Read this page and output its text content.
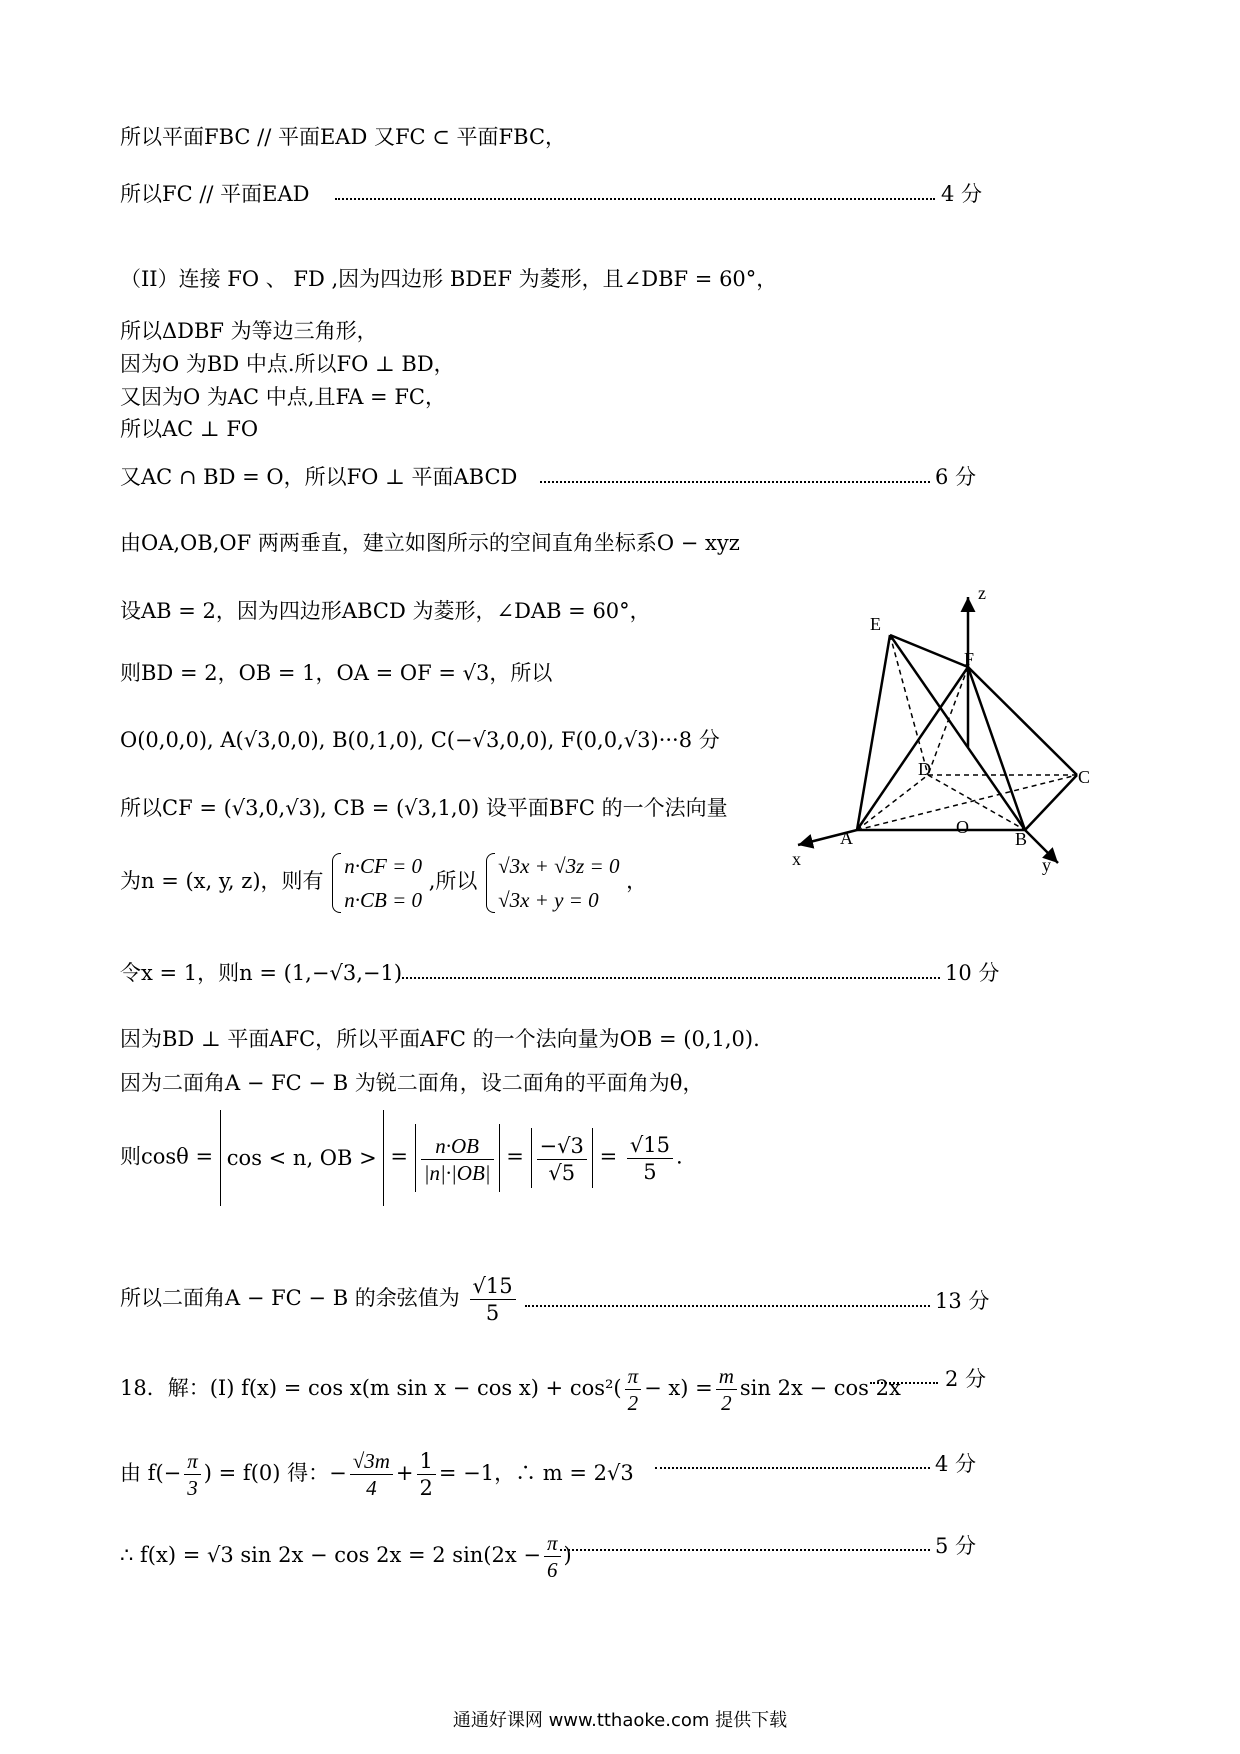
所以平面FBC // 平面EAD 又FC ⊂ 平面FBC，
所以FC // 平面EAD	4 分
（II）连接 FO 、 FD ,因为四边形 BDEF 为菱形，且∠DBF = 60°，
所以ΔDBF 为等边三角形，
因为O 为BD 中点.所以FO ⊥ BD，
又因为O 为AC 中点,且FA = FC，
所以AC ⊥ FO
又AC ∩ BD = O，所以FO ⊥ 平面ABCD	6 分
由OA,OB,OF 两两垂直，建立如图所示的空间直角坐标系O − xyz
设AB = 2，因为四边形ABCD 为菱形，∠DAB = 60°，
则BD = 2，OB = 1，OA = OF = √3，所以
O(0,0,0), A(√3,0,0), B(0,1,0), C(−√3,0,0), F(0,0,√3)···8 分
所以CF = (√3,0,√3), CB = (√3,1,0) 设平面BFC 的一个法向量
为n = (x, y, z)，则有
n·CF = 0
n·CB = 0
,所以
√3x + √3z = 0
√3x + y = 0
，
令x = 1，则n = (1,−√3,−1)	10 分
因为BD ⊥ 平面AFC，所以平面AFC 的一个法向量为OB = (0,1,0).
因为二面角A − FC − B 为锐二面角，设二面角的平面角为θ，
则cosθ = cos < n, OB > = $\frac{n\cdot OB}{|n|\cdot|OB|} = \frac{-√3}{√5} = \frac{√15}{5}$ .
所以二面角A − FC − B 的余弦值为 $\frac{√15}{5}$	13 分
18．解：(I) f(x) = cos x(m $\sin x - \cos x) + \cos^2( \frac{\pi}{2} - x) = \frac{m}{2}$ sin 2x − cos 2x 2 分
由 $f(- \frac{\pi}{3}$ ) = f(0) 得：− $\frac{√3m}{4} + \frac{1}{2} = -1$，∴ m = 2√3	4 分
∴ f(x) = √3 sin 2x − cos 2x = 2 $\sin(2x - \frac{\pi}{6}$ )	5 分
z
E
F
D	C
O
A	B
x	y
通通好课网 www.tthaoke.com 提供下载
